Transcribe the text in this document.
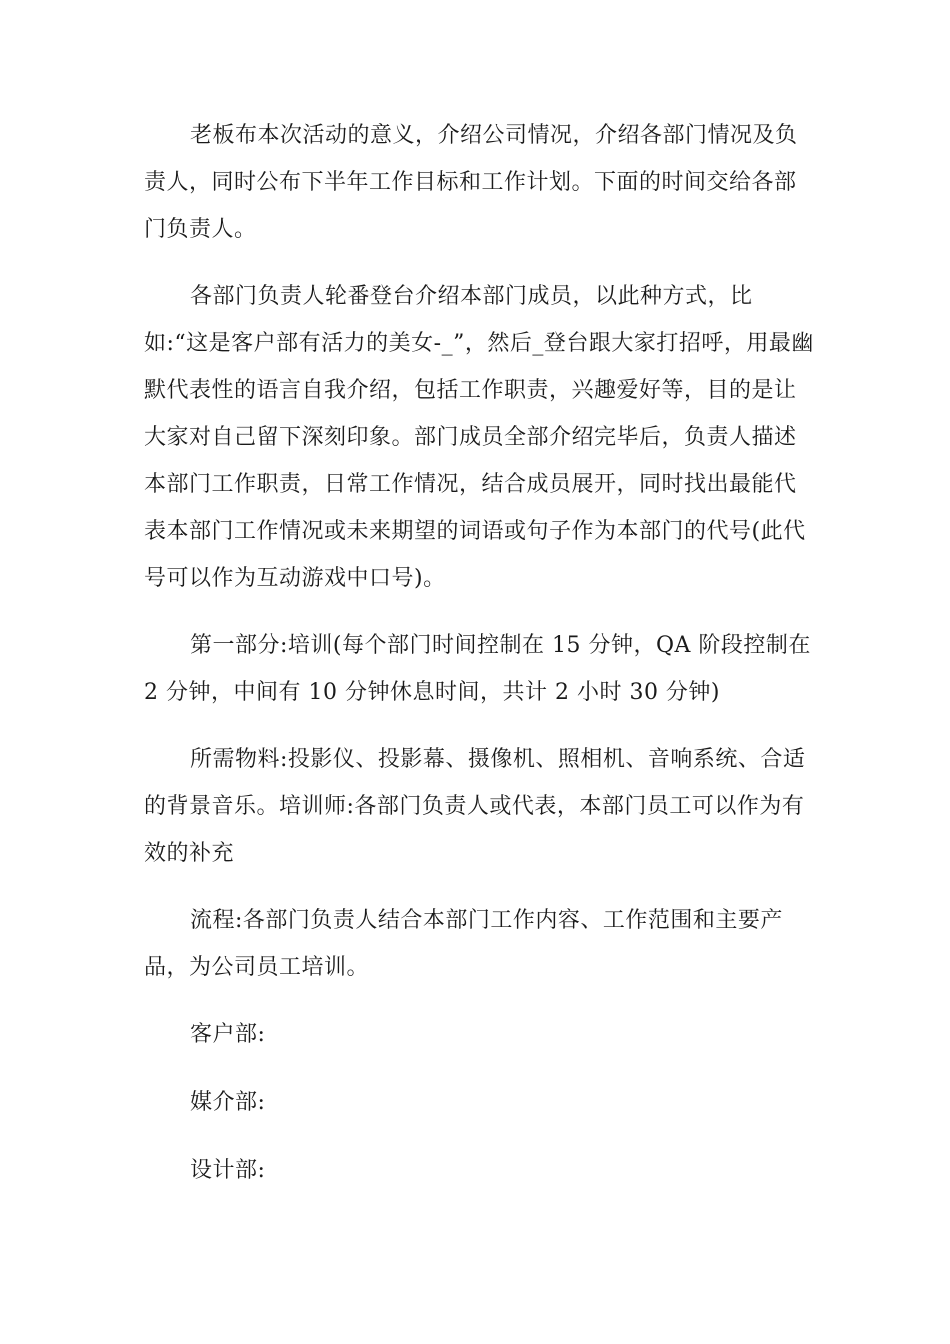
老板布本次活动的意义，介绍公司情况，介绍各部门情况及负责人，同时公布下半年工作目标和工作计划。下面的时间交给各部门负责人。

各部门负责人轮番登台介绍本部门成员，以此种方式，比如:“这是客户部有活力的美女-_”，然后_登台跟大家打招呼，用最幽默代表性的语言自我介绍，包括工作职责，兴趣爱好等，目的是让大家对自己留下深刻印象。部门成员全部介绍完毕后，负责人描述本部门工作职责，日常工作情况，结合成员展开，同时找出最能代表本部门工作情况或未来期望的词语或句子作为本部门的代号(此代号可以作为互动游戏中口号)。

第一部分:培训(每个部门时间控制在 15 分钟，QA 阶段控制在 2 分钟，中间有 10 分钟休息时间，共计 2 小时 30 分钟)

所需物料:投影仪、投影幕、摄像机、照相机、音响系统、合适的背景音乐。培训师:各部门负责人或代表，本部门员工可以作为有效的补充

流程:各部门负责人结合本部门工作内容、工作范围和主要产品，为公司员工培训。

客户部:

媒介部:

设计部:
